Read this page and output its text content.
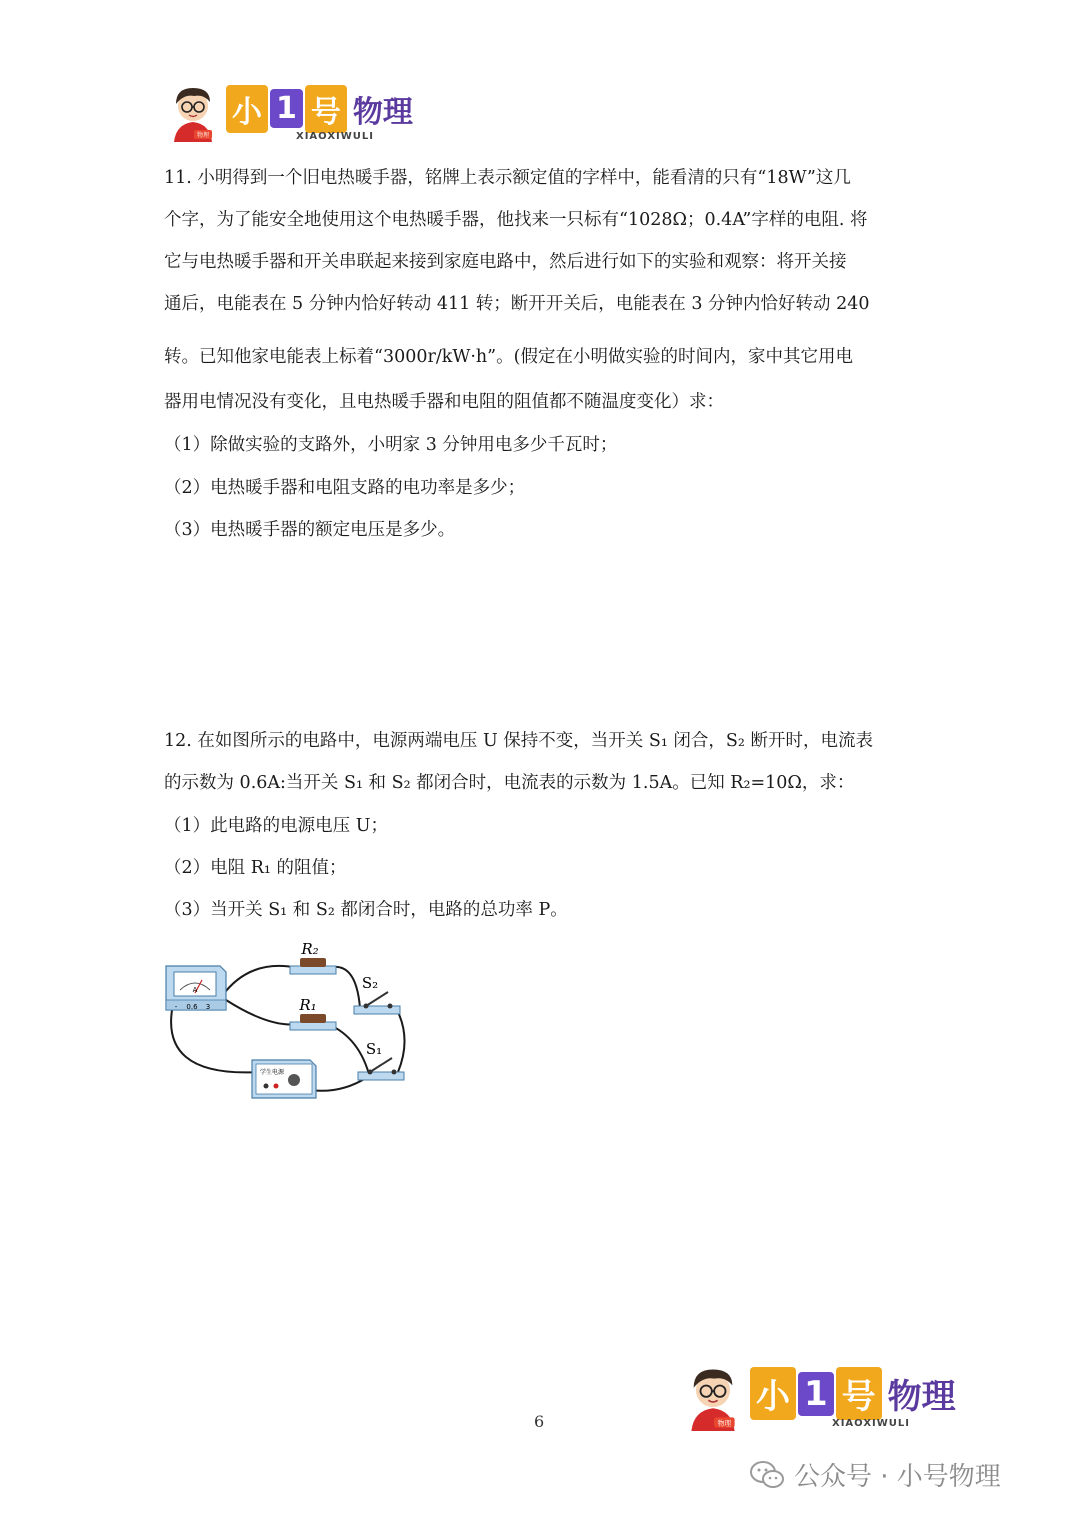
物理
小 1 号 物理
XIAOXIWULI
11. 小明得到一个旧电热暖手器，铭牌上表示额定值的字样中，能看清的只有“18W”这几
个字，为了能安全地使用这个电热暖手器，他找来一只标有“1028Ω；0.4A”字样的电阻. 将
它与电热暖手器和开关串联起来接到家庭电路中，然后进行如下的实验和观察：将开关接
通后，电能表在 5 分钟内恰好转动 411 转；断开开关后，电能表在 3 分钟内恰好转动 240
转。已知他家电能表上标着“3000r/kW·h”。(假定在小明做实验的时间内，家中其它用电
器用电情况没有变化，且电热暖手器和电阻的阻值都不随温度变化）求：
（1）除做实验的支路外，小明家 3 分钟用电多少千瓦时；
（2）电热暖手器和电阻支路的电功率是多少；
（3）电热暖手器的额定电压是多少。
12. 在如图所示的电路中，电源两端电压 U 保持不变，当开关 S₁ 闭合，S₂ 断开时，电流表
的示数为 0.6A:当开关 S₁ 和 S₂ 都闭合时，电流表的示数为 1.5A。已知 R₂=10Ω，求：
（1）此电路的电源电压 U；
（2）电阻 R₁ 的阻值；
（3）当开关 S₁ 和 S₂ 都闭合时，电路的总功率 P。
A
- 0.6 3
R₂
R₁
S₂
S₁
学生电源
6	物理
小 1 号 物理
XIAOXIWULI
公众号 · 小号物理
